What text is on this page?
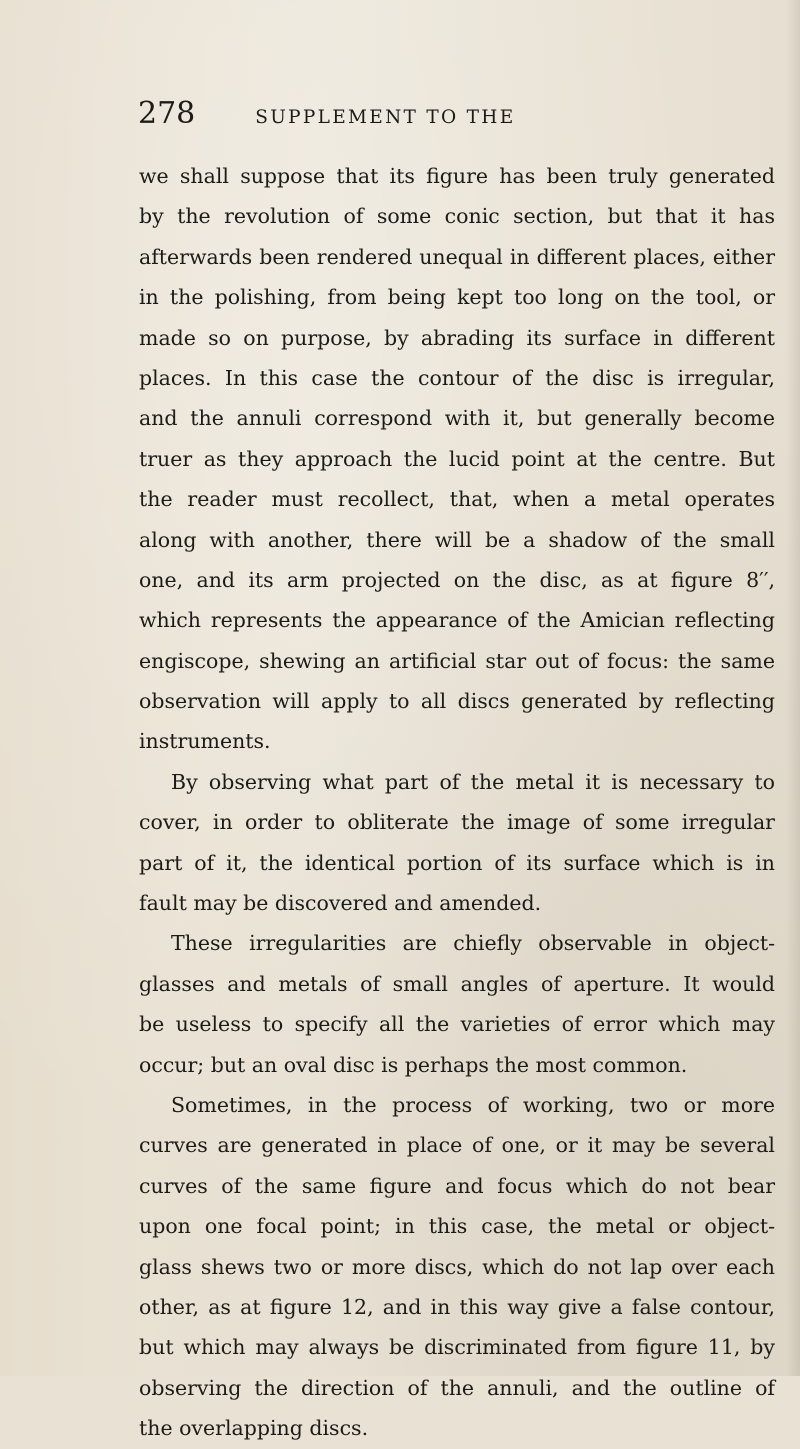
278	SUPPLEMENT TO THE
we shall suppose that its figure has been truly generated
by the revolution of some conic section, but that it has
afterwards been rendered unequal in different places, either
in the polishing, from being kept too long on the tool, or
made so on purpose, by abrading its surface in different
places. In this case the contour of the disc is irregular,
and the annuli correspond with it, but generally become
truer as they approach the lucid point at the centre. But
the reader must recollect, that, when a metal operates
along with another, there will be a shadow of the small
one, and its arm projected on the disc, as at figure 8′′,
which represents the appearance of the Amician reflecting
engiscope, shewing an artificial star out of focus: the same
observation will apply to all discs generated by reflecting
instruments.
By observing what part of the metal it is necessary to
cover, in order to obliterate the image of some irregular
part of it, the identical portion of its surface which is in
fault may be discovered and amended.
These irregularities are chiefly observable in object-
glasses and metals of small angles of aperture. It would
be useless to specify all the varieties of error which may
occur; but an oval disc is perhaps the most common.
Sometimes, in the process of working, two or more
curves are generated in place of one, or it may be several
curves of the same figure and focus which do not bear
upon one focal point; in this case, the metal or object-
glass shews two or more discs, which do not lap over each
other, as at figure 12, and in this way give a false contour,
but which may always be discriminated from figure 11, by
observing the direction of the annuli, and the outline of
the overlapping discs.
